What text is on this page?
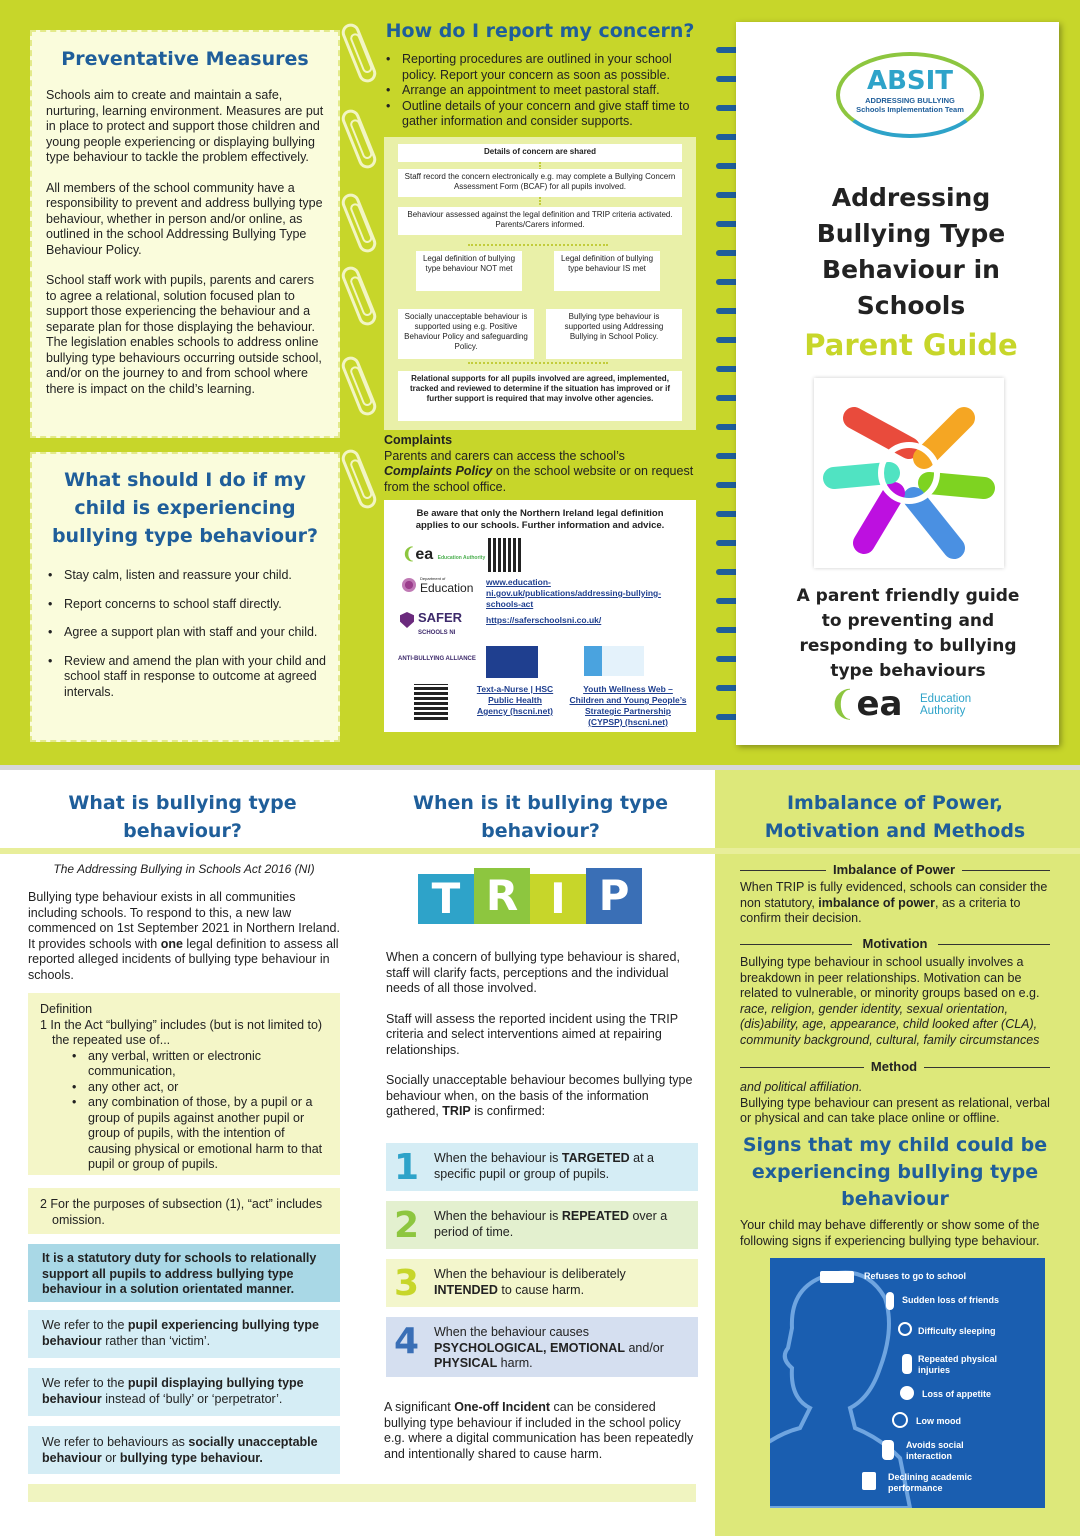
Preventative Measures

Schools aim to create and maintain a safe, nurturing, learning environment. Measures are put in place to protect and support those children and young people experiencing or displaying bullying type behaviour to tackle the problem effectively.

All members of the school community have a responsibility to prevent and address bullying type behaviour, whether in person and/or online, as outlined in the school Addressing Bullying Type Behaviour Policy.

School staff work with pupils, parents and carers to agree a relational, solution focused plan to support those experiencing the behaviour and a separate plan for those displaying the behaviour. The legislation enables schools to address online bullying type behaviours occurring outside school, and/or on the journey to and from school where there is impact on the child’s learning.

What should I do if my child is experiencing bullying type behaviour?
• Stay calm, listen and reassure your child.
• Report concerns to school staff directly.
• Agree a support plan with staff and your child.
• Review and amend the plan with your child and school staff in response to outcome at agreed intervals.
How do I report my concern?
• Reporting procedures are outlined in your school policy. Report your concern as soon as possible.
• Arrange an appointment to meet pastoral staff.
• Outline details of your concern and give staff time to gather information and consider supports.
Details of concern are shared
Staff record the concern electronically e.g. may complete a Bullying Concern Assessment Form (BCAF) for all pupils involved.
Behaviour assessed against the legal definition and TRIP criteria activated. Parents/Carers informed.
Legal definition of bullying type behaviour NOT met
Legal definition of bullying type behaviour IS met
Socially unacceptable behaviour is supported using e.g. Positive Behaviour Policy and safeguarding Policy.
Bullying type behaviour is supported using Addressing Bullying in School Policy.
Relational supports for all pupils involved are agreed, implemented, tracked and reviewed to determine if the situation has improved or if further support is required that may involve other agencies.
Complaints
Parents and carers can access the school’s Complaints Policy on the school website or on request from the school office.
Be aware that only the Northern Ireland legal definition applies to our schools. Further information and advice.
❨ea Education Authority
Department of
Education www.education-ni.gov.uk/publications/addressing-bullying-schools-act
SAFER
SCHOOLS NI
https://saferschoolsni.co.uk/
ANTI-BULLYING ALLIANCE
Text-a-Nurse | HSC Public Health Agency (hscni.net)
Youth Wellness Web – Children and Young People’s Strategic Partnership (CYPSP) (hscni.net)
ABSIT
ADDRESSING BULLYING Schools Implementation Team
Addressing Bullying Type Behaviour in Schools
Parent Guide
A parent friendly guide to preventing and responding to bullying type behaviours
❨ea Education Authority
What is bullying type behaviour?
When is it bullying type behaviour?
Imbalance of Power, Motivation and Methods
The Addressing Bullying in Schools Act 2016 (NI)
Bullying type behaviour exists in all communities including schools. To respond to this, a new law commenced on 1st September 2021 in Northern Ireland. It provides schools with one legal definition to assess all reported alleged incidents of bullying type behaviour in schools.
Definition
1 In the Act “bullying” includes (but is not limited to) the repeated use of...
• any verbal, written or electronic communication,
• any other act, or
• any combination of those, by a pupil or a group of pupils against another pupil or group of pupils, with the intention of causing physical or emotional harm to that pupil or group of pupils.
2 For the purposes of subsection (1), “act” includes omission.
It is a statutory duty for schools to relationally support all pupils to address bullying type behaviour in a solution orientated manner.
We refer to the pupil experiencing bullying type behaviour rather than ‘victim’.
We refer to the pupil displaying bullying type behaviour instead of ‘bully’ or ‘perpetrator’.
We refer to behaviours as socially unacceptable behaviour or bullying type behaviour.
T R I P

When a concern of bullying type behaviour is shared, staff will clarify facts, perceptions and the individual needs of all those involved.

Staff will assess the reported incident using the TRIP criteria and select interventions aimed at repairing relationships.

Socially unacceptable behaviour becomes bullying type behaviour when, on the basis of the information gathered, TRIP is confirmed:

1 When the behaviour is TARGETED at a specific pupil or group of pupils.
2 When the behaviour is REPEATED over a period of time.
3 When the behaviour is deliberately
INTENDED to cause harm.
4 When the behaviour causes PSYCHOLOGICAL, EMOTIONAL and/or PHYSICAL harm.
A significant One-off Incident can be considered bullying type behaviour if included in the school policy e.g. where a digital communication has been repeatedly and intentionally shared to cause harm.
Imbalance of Power
When TRIP is fully evidenced, schools can consider the non statutory, imbalance of power, as a criteria to confirm their decision.
Motivation
Bullying type behaviour in school usually involves a breakdown in peer relationships. Motivation can be related to vulnerable, or minority groups based on e.g. race, religion, gender identity, sexual orientation, (dis)ability, age, appearance, child looked after (CLA), community background, cultural, family circumstances
Method
and political affiliation.
Bullying type behaviour can present as relational, verbal or physical and can take place online or offline.
Signs that my child could be experiencing bullying type behaviour
Your child may behave differently or show some of the following signs if experiencing bullying type behaviour.
Refuses to go to school
Sudden loss of friends
Difficulty sleeping
Repeated physical injuries
Loss of appetite
Low mood
Avoids social interaction
Declining academic performance
